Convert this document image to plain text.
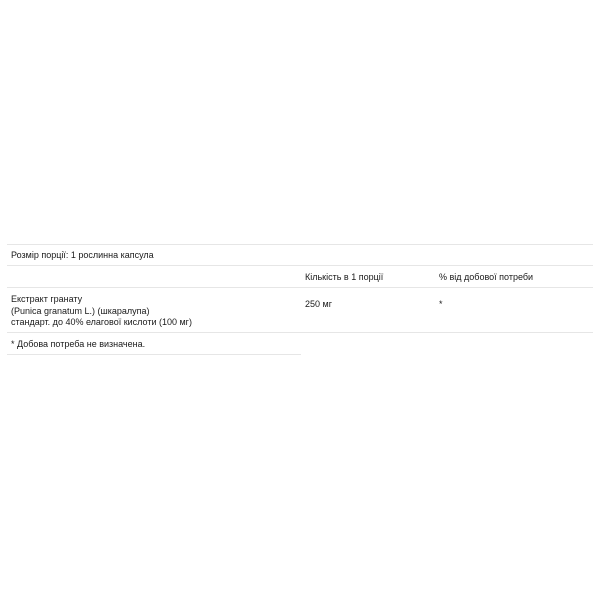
Розмір порції: 1 рослинна капсула
Кількість в 1 порції	% від добової потреби
Екстракт гранату
(Punica granatum L.) (шкаралупа)
стандарт. до 40% елагової кислоти (100 мг)
250 мг	*
* Добова потреба не визначена.
